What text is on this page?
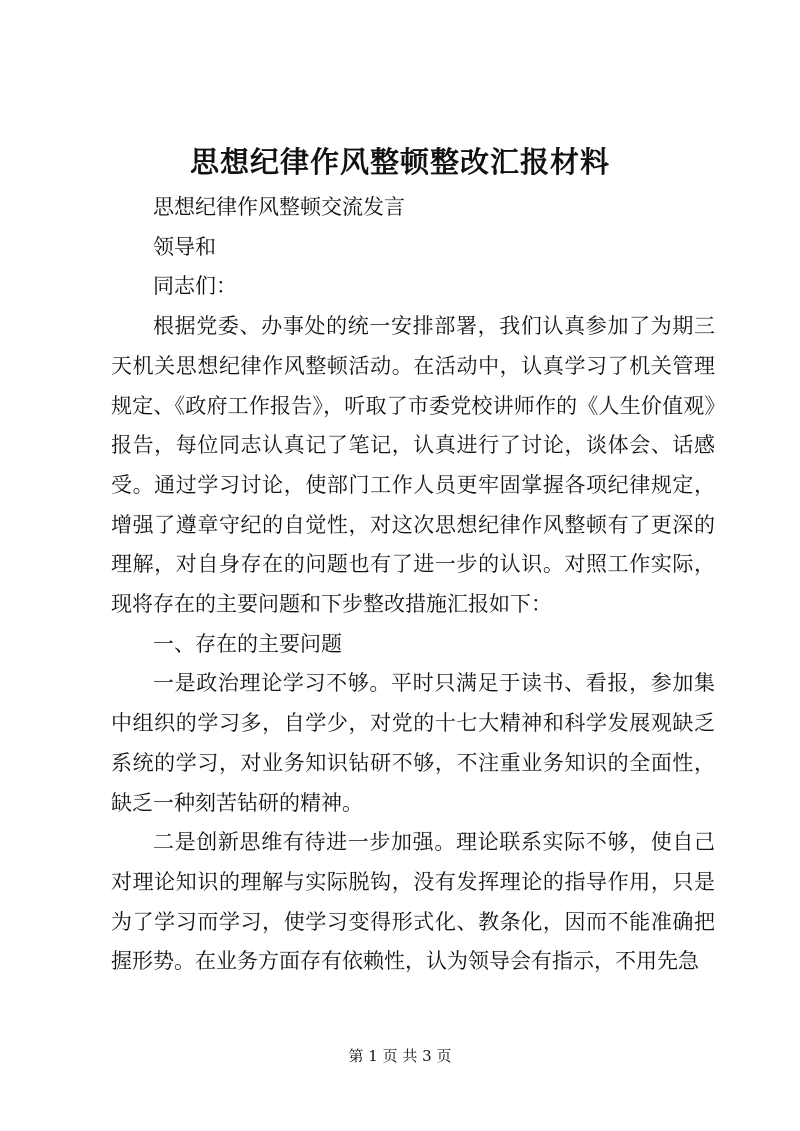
思想纪律作风整顿整改汇报材料

思想纪律作风整顿交流发言

领导和

同志们：

根据党委、办事处的统一安排部署，我们认真参加了为期三天机关思想纪律作风整顿活动。在活动中，认真学习了机关管理规定、《政府工作报告》，听取了市委党校讲师作的《人生价值观》报告，每位同志认真记了笔记，认真进行了讨论，谈体会、话感受。通过学习讨论，使部门工作人员更牢固掌握各项纪律规定，增强了遵章守纪的自觉性，对这次思想纪律作风整顿有了更深的理解，对自身存在的问题也有了进一步的认识。对照工作实际，现将存在的主要问题和下步整改措施汇报如下：

一、存在的主要问题

一是政治理论学习不够。平时只满足于读书、看报，参加集中组织的学习多，自学少，对党的十七大精神和科学发展观缺乏系统的学习，对业务知识钻研不够，不注重业务知识的全面性，缺乏一种刻苦钻研的精神。

二是创新思维有待进一步加强。理论联系实际不够，使自己对理论知识的理解与实际脱钩，没有发挥理论的指导作用，只是为了学习而学习，使学习变得形式化、教条化，因而不能准确把握形势。在业务方面存有依赖性，认为领导会有指示，不用先急

第 1 页 共 3 页
